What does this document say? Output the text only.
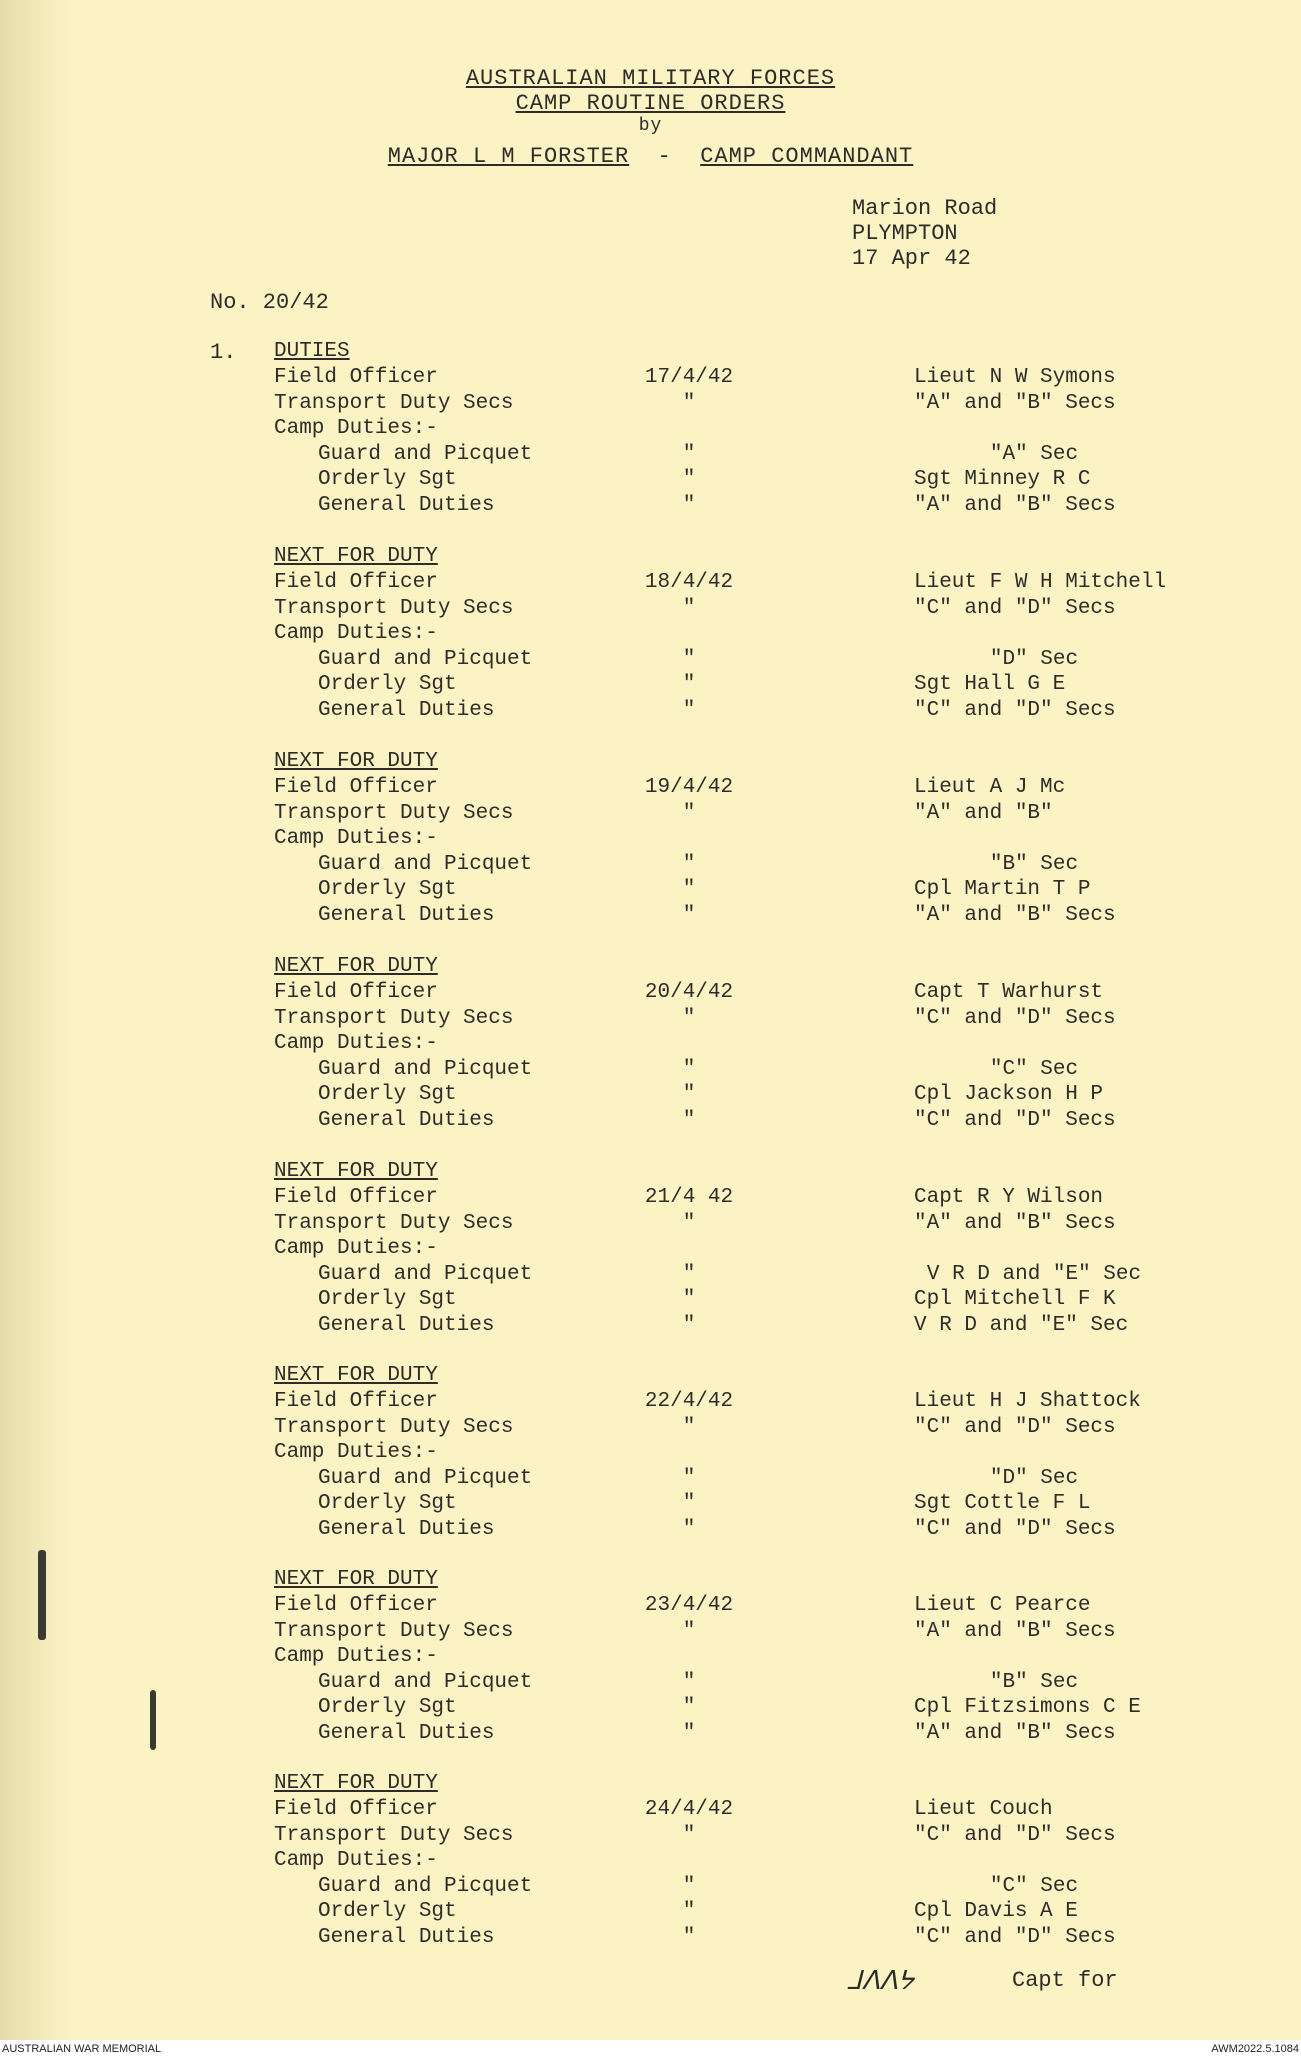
AUSTRALIAN MILITARY FORCES
CAMP ROUTINE ORDERS
by
MAJOR L M FORSTER - CAMP COMMANDANT
Marion Road
PLYMPTON
17 Apr 42
No. 20/42
1. DUTIES
Field Officer	17/4/42	Lieut N W Symons
Transport Duty Secs	"	"A" and "B" Secs
Camp Duties:-
Guard and Picquet	"	"A" Sec
Orderly Sgt	"	Sgt Minney R C
General Duties	"	"A" and "B" Secs
NEXT FOR DUTY
Field Officer	18/4/42	Lieut F W H Mitchell
Transport Duty Secs	"	"C" and "D" Secs
Camp Duties:-
Guard and Picquet	"	"D" Sec
Orderly Sgt	"	Sgt Hall G E
General Duties	"	"C" and "D" Secs
NEXT FOR DUTY
Field Officer	19/4/42	Lieut A J Mc
Transport Duty Secs	"	"A" and "B"
Camp Duties:-
Guard and Picquet	"	"B" Sec
Orderly Sgt	"	Cpl Martin T P
General Duties	"	"A" and "B" Secs
NEXT FOR DUTY
Field Officer	20/4/42	Capt T Warhurst
Transport Duty Secs	"	"C" and "D" Secs
Camp Duties:-
Guard and Picquet	"	"C" Sec
Orderly Sgt	"	Cpl Jackson H P
General Duties	"	"C" and "D" Secs
NEXT FOR DUTY
Field Officer	21/4 42	Capt R Y Wilson
Transport Duty Secs	"	"A" and "B" Secs
Camp Duties:-
Guard and Picquet	"	V R D and "E" Sec
Orderly Sgt	"	Cpl Mitchell F K
General Duties	"	V R D and "E" Sec
NEXT FOR DUTY
Field Officer	22/4/42	Lieut H J Shattock
Transport Duty Secs	"	"C" and "D" Secs
Camp Duties:-
Guard and Picquet	"	"D" Sec
Orderly Sgt	"	Sgt Cottle F L
General Duties	"	"C" and "D" Secs
NEXT FOR DUTY
Field Officer	23/4/42	Lieut C Pearce
Transport Duty Secs	"	"A" and "B" Secs
Camp Duties:-
Guard and Picquet	"	"B" Sec
Orderly Sgt	"	Cpl Fitzsimons C E
General Duties	"	"A" and "B" Secs
NEXT FOR DUTY
Field Officer	24/4/42	Lieut Couch
Transport Duty Secs	"	"C" and "D" Secs
Camp Duties:-
Guard and Picquet	"	"C" Sec
Orderly Sgt	"	Cpl Davis A E
General Duties	"	"C" and "D" Secs
ᒧᐱᐱᔭ	Capt for
AUSTRALIAN WAR MEMORIAL	AWM2022.5.1084
